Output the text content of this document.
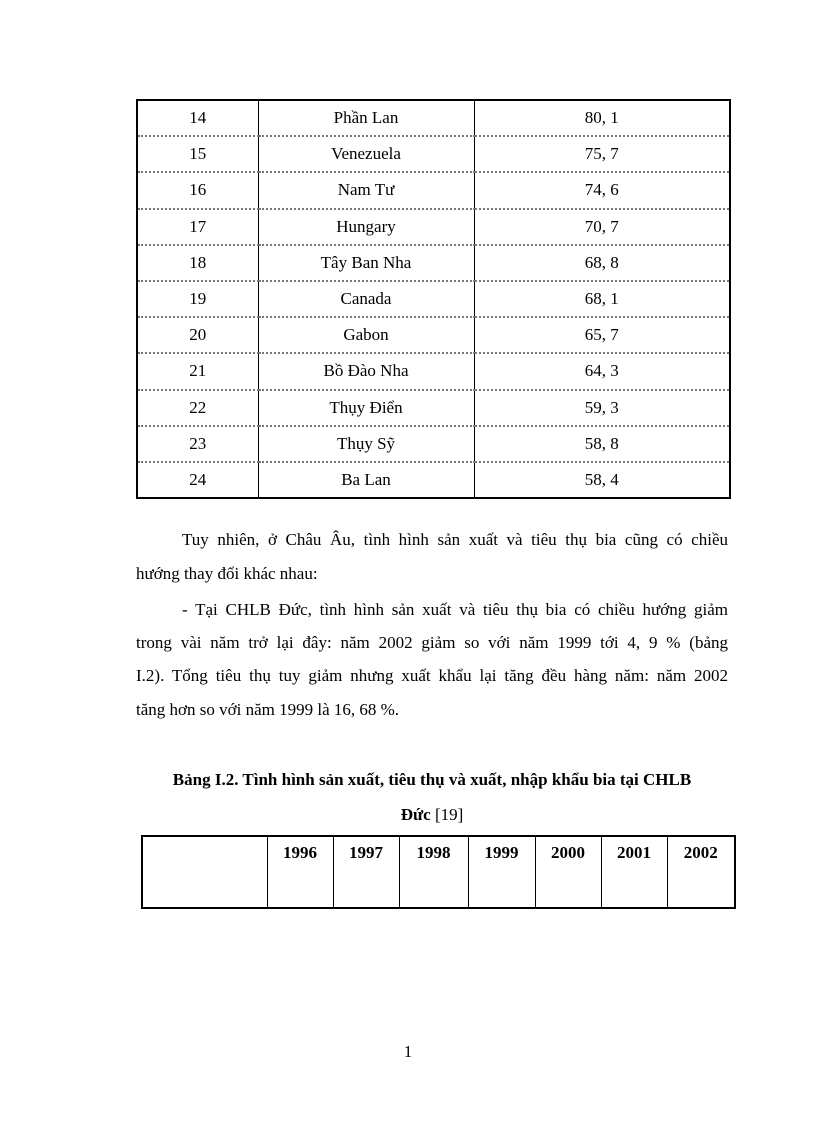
14	Phần Lan	80, 1
15	Venezuela	75, 7
16	Nam Tư	74, 6
17	Hungary	70, 7
18	Tây Ban Nha	68, 8
19	Canada	68, 1
20	Gabon	65, 7
21	Bồ Đào Nha	64, 3
22	Thụy Điển	59, 3
23	Thụy Sỹ	58, 8
24	Ba Lan	58, 4
Tuy nhiên, ở Châu Âu, tình hình sản xuất và tiêu thụ bia cũng có chiều
hướng thay đổi khác nhau:
- Tại CHLB Đức, tình hình sản xuất và tiêu thụ bia có chiều hướng giảm
trong vài năm trở lại đây: năm 2002 giảm so với năm 1999 tới 4, 9 % (bảng
I.2). Tổng tiêu thụ tuy giảm nhưng xuất khẩu lại tăng đều hàng năm: năm 2002
tăng hơn so với năm 1999 là 16, 68 %.
Bảng I.2. Tình hình sản xuất, tiêu thụ và xuất, nhập khẩu bia tại CHLB
Đức [19]
	1996	1997	1998	1999	2000	2001	2002
1
